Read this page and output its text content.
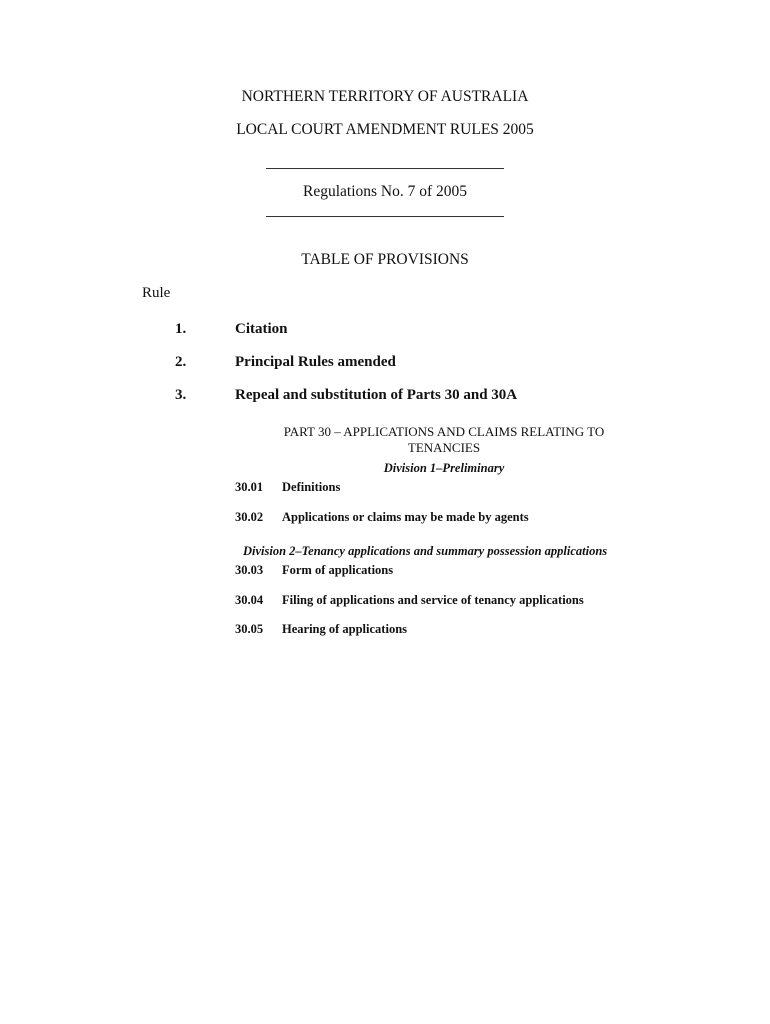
NORTHERN TERRITORY OF AUSTRALIA
LOCAL COURT AMENDMENT RULES 2005
Regulations No. 7 of 2005
TABLE OF PROVISIONS
Rule
1.	Citation
2.	Principal Rules amended
3.	Repeal and substitution of Parts 30 and 30A
PART 30 – APPLICATIONS AND CLAIMS RELATING TO TENANCIES
Division 1–Preliminary
30.01 Definitions
30.02 Applications or claims may be made by agents
Division 2–Tenancy applications and summary possession applications
30.03 Form of applications
30.04 Filing of applications and service of tenancy applications
30.05 Hearing of applications
